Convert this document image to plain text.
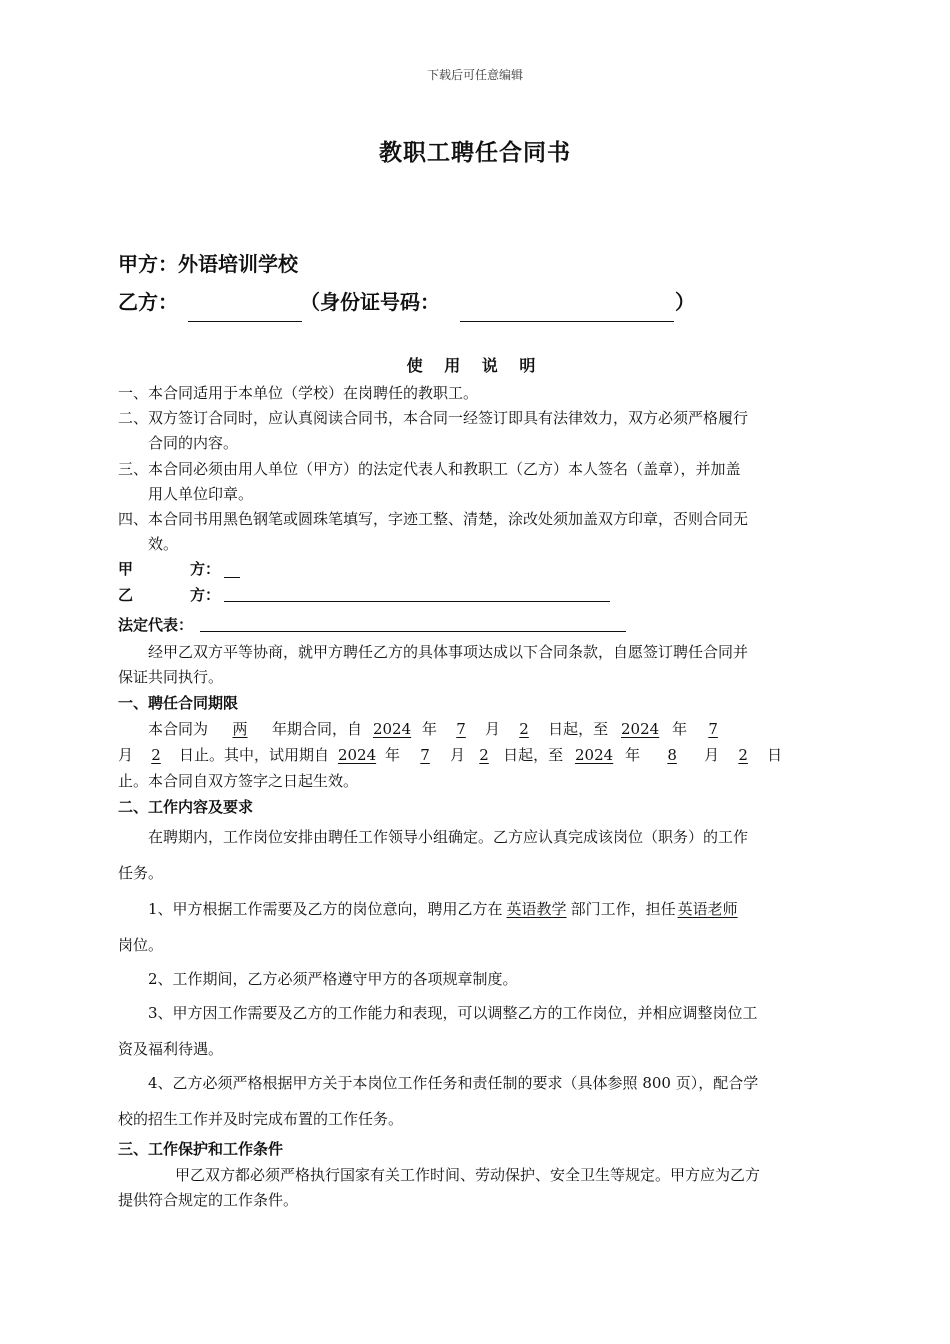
下载后可任意编辑
教职工聘任合同书
甲方：外语培训学校
乙方：	（身份证号码：	）
使 用 说 明
一、本合同适用于本单位（学校）在岗聘任的教职工。
二、双方签订合同时，应认真阅读合同书，本合同一经签订即具有法律效力，双方必须严格履行
合同的内容。
三、本合同必须由用人单位（甲方）的法定代表人和教职工（乙方）本人签名（盖章），并加盖
用人单位印章。
四、本合同书用黑色钢笔或圆珠笔填写，字迹工整、清楚，涂改处须加盖双方印章，否则合同无
效。
甲	方：
乙	方：
法定代表：
经甲乙双方平等协商，就甲方聘任乙方的具体事项达成以下合同条款，自愿签订聘任合同并
保证共同执行。
一、聘任合同期限
本合同为 两 年期合同，自 2024 年 7 月 2 日起，至 2024 年 7
月 2 日止。其中，试用期自 2024 年 7 月 2 日起，至 2024 年 8 月 2 日
止。本合同自双方签字之日起生效。
二、工作内容及要求
在聘期内，工作岗位安排由聘任工作领导小组确定。乙方应认真完成该岗位（职务）的工作
任务。
1、甲方根据工作需要及乙方的岗位意向，聘用乙方在 英语教学 部门工作，担任 英语老师
岗位。
2、工作期间，乙方必须严格遵守甲方的各项规章制度。
3、甲方因工作需要及乙方的工作能力和表现，可以调整乙方的工作岗位，并相应调整岗位工
资及福利待遇。
4、乙方必须严格根据甲方关于本岗位工作任务和责任制的要求（具体参照 800 页），配合学
校的招生工作并及时完成布置的工作任务。
三、工作保护和工作条件
甲乙双方都必须严格执行国家有关工作时间、劳动保护、安全卫生等规定。甲方应为乙方
提供符合规定的工作条件。
